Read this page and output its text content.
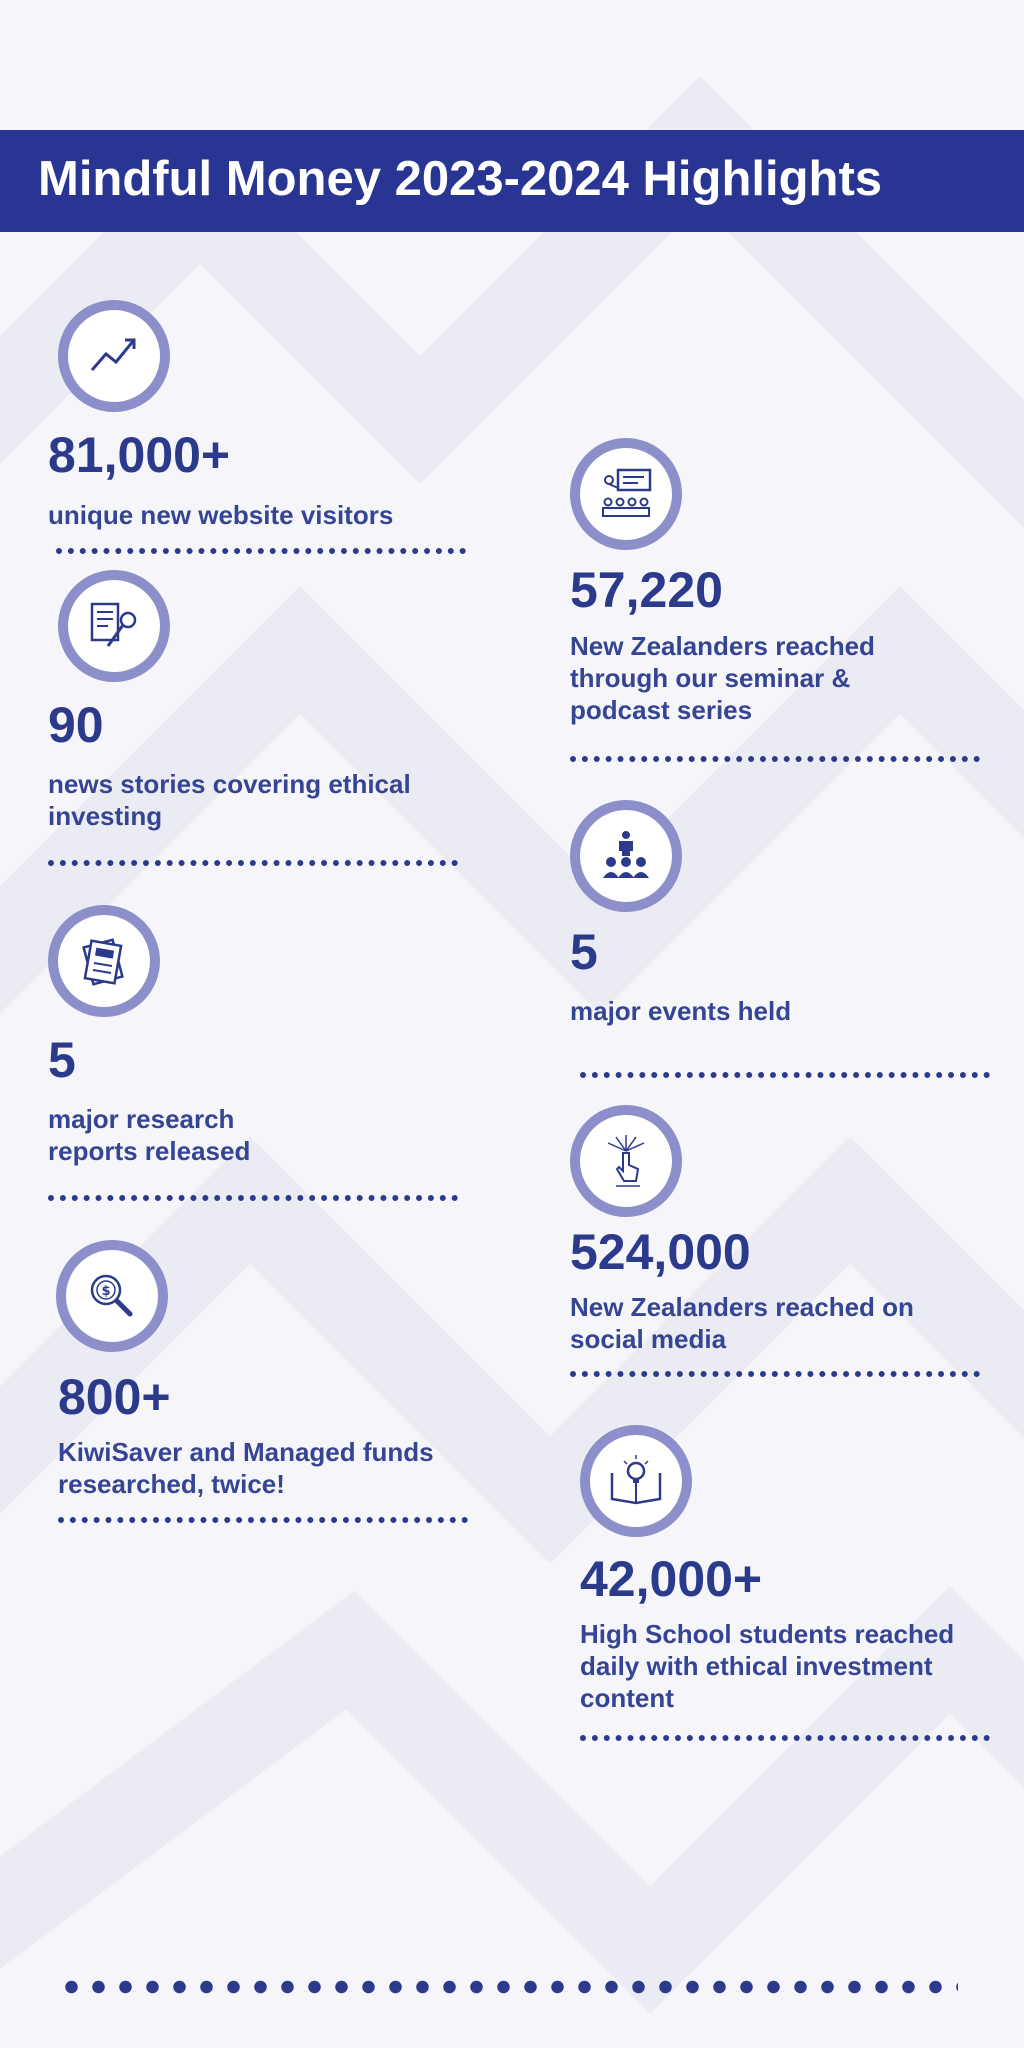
Mindful Money 2023-2024 Highlights

81,000+

unique new website visitors

90

news stories covering ethical investing

5

major research reports released

$

800+

KiwiSaver and Managed funds researched, twice!

57,220

New Zealanders reached through our seminar & podcast series

5

major events held

524,000

New Zealanders reached on social media

42,000+

High School students reached daily with ethical investment content
